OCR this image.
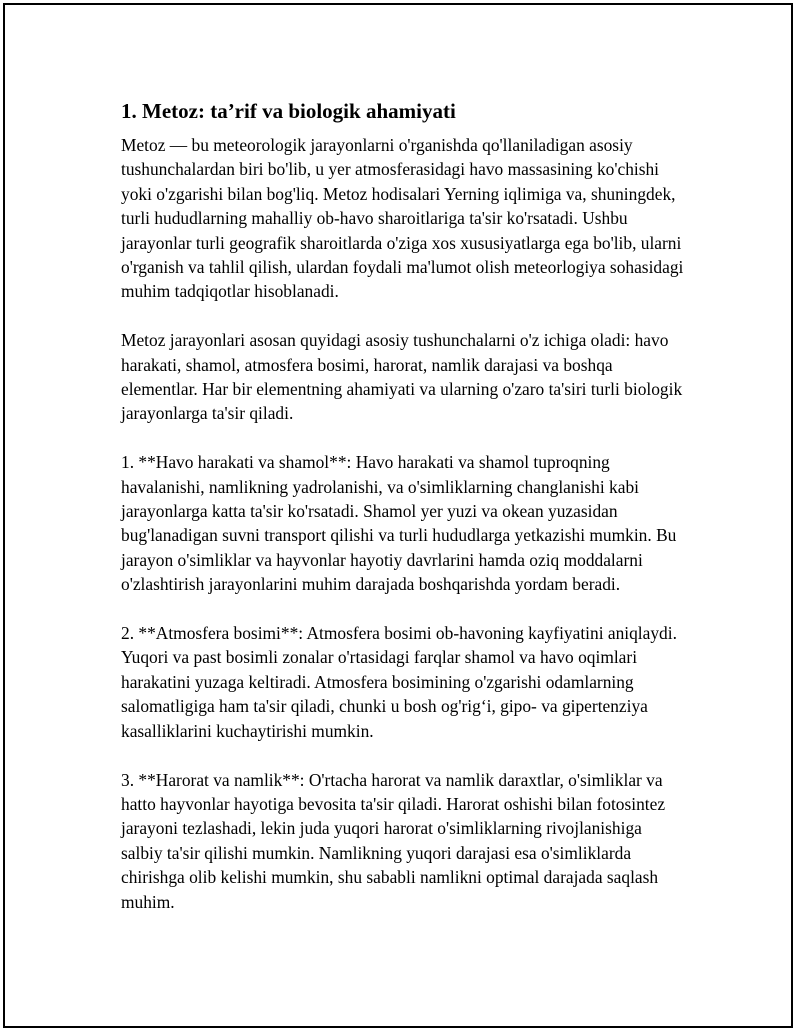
1. Metoz: ta’rif va biologik ahamiyati

Metoz — bu meteorologik jarayonlarni o'rganishda qo'llaniladigan asosiy tushunchalardan biri bo'lib, u yer atmosferasidagi havo massasining ko'chishi yoki o'zgarishi bilan bog'liq. Metoz hodisalari Yerning iqlimiga va, shuningdek, turli hududlarning mahalliy ob-havo sharoitlariga ta'sir ko'rsatadi. Ushbu jarayonlar turli geografik sharoitlarda o'ziga xos xususiyatlarga ega bo'lib, ularni o'rganish va tahlil qilish, ulardan foydali ma'lumot olish meteorlogiya sohasidagi muhim tadqiqotlar hisoblanadi.

Metoz jarayonlari asosan quyidagi asosiy tushunchalarni o'z ichiga oladi: havo harakati, shamol, atmosfera bosimi, harorat, namlik darajasi va boshqa elementlar. Har bir elementning ahamiyati va ularning o'zaro ta'siri turli biologik jarayonlarga ta'sir qiladi.

1. **Havo harakati va shamol**: Havo harakati va shamol tuproqning havalanishi, namlikning yadrolanishi, va o'simliklarning changlanishi kabi jarayonlarga katta ta'sir ko'rsatadi. Shamol yer yuzi va okean yuzasidan bug'lanadigan suvni transport qilishi va turli hududlarga yetkazishi mumkin. Bu jarayon o'simliklar va hayvonlar hayotiy davrlarini hamda oziq moddalarni o'zlashtirish jarayonlarini muhim darajada boshqarishda yordam beradi.

2. **Atmosfera bosimi**: Atmosfera bosimi ob-havoning kayfiyatini aniqlaydi. Yuqori va past bosimli zonalar o'rtasidagi farqlar shamol va havo oqimlari harakatini yuzaga keltiradi. Atmosfera bosimining o'zgarishi odamlarning salomatligiga ham ta'sir qiladi, chunki u bosh og'rig‘i, gipo- va gipertenziya kasalliklarini kuchaytirishi mumkin.

3. **Harorat va namlik**: O'rtacha harorat va namlik daraxtlar, o'simliklar va hatto hayvonlar hayotiga bevosita ta'sir qiladi. Harorat oshishi bilan fotosintez jarayoni tezlashadi, lekin juda yuqori harorat o'simliklarning rivojlanishiga salbiy ta'sir qilishi mumkin. Namlikning yuqori darajasi esa o'simliklarda chirishga olib kelishi mumkin, shu sababli namlikni optimal darajada saqlash muhim.
